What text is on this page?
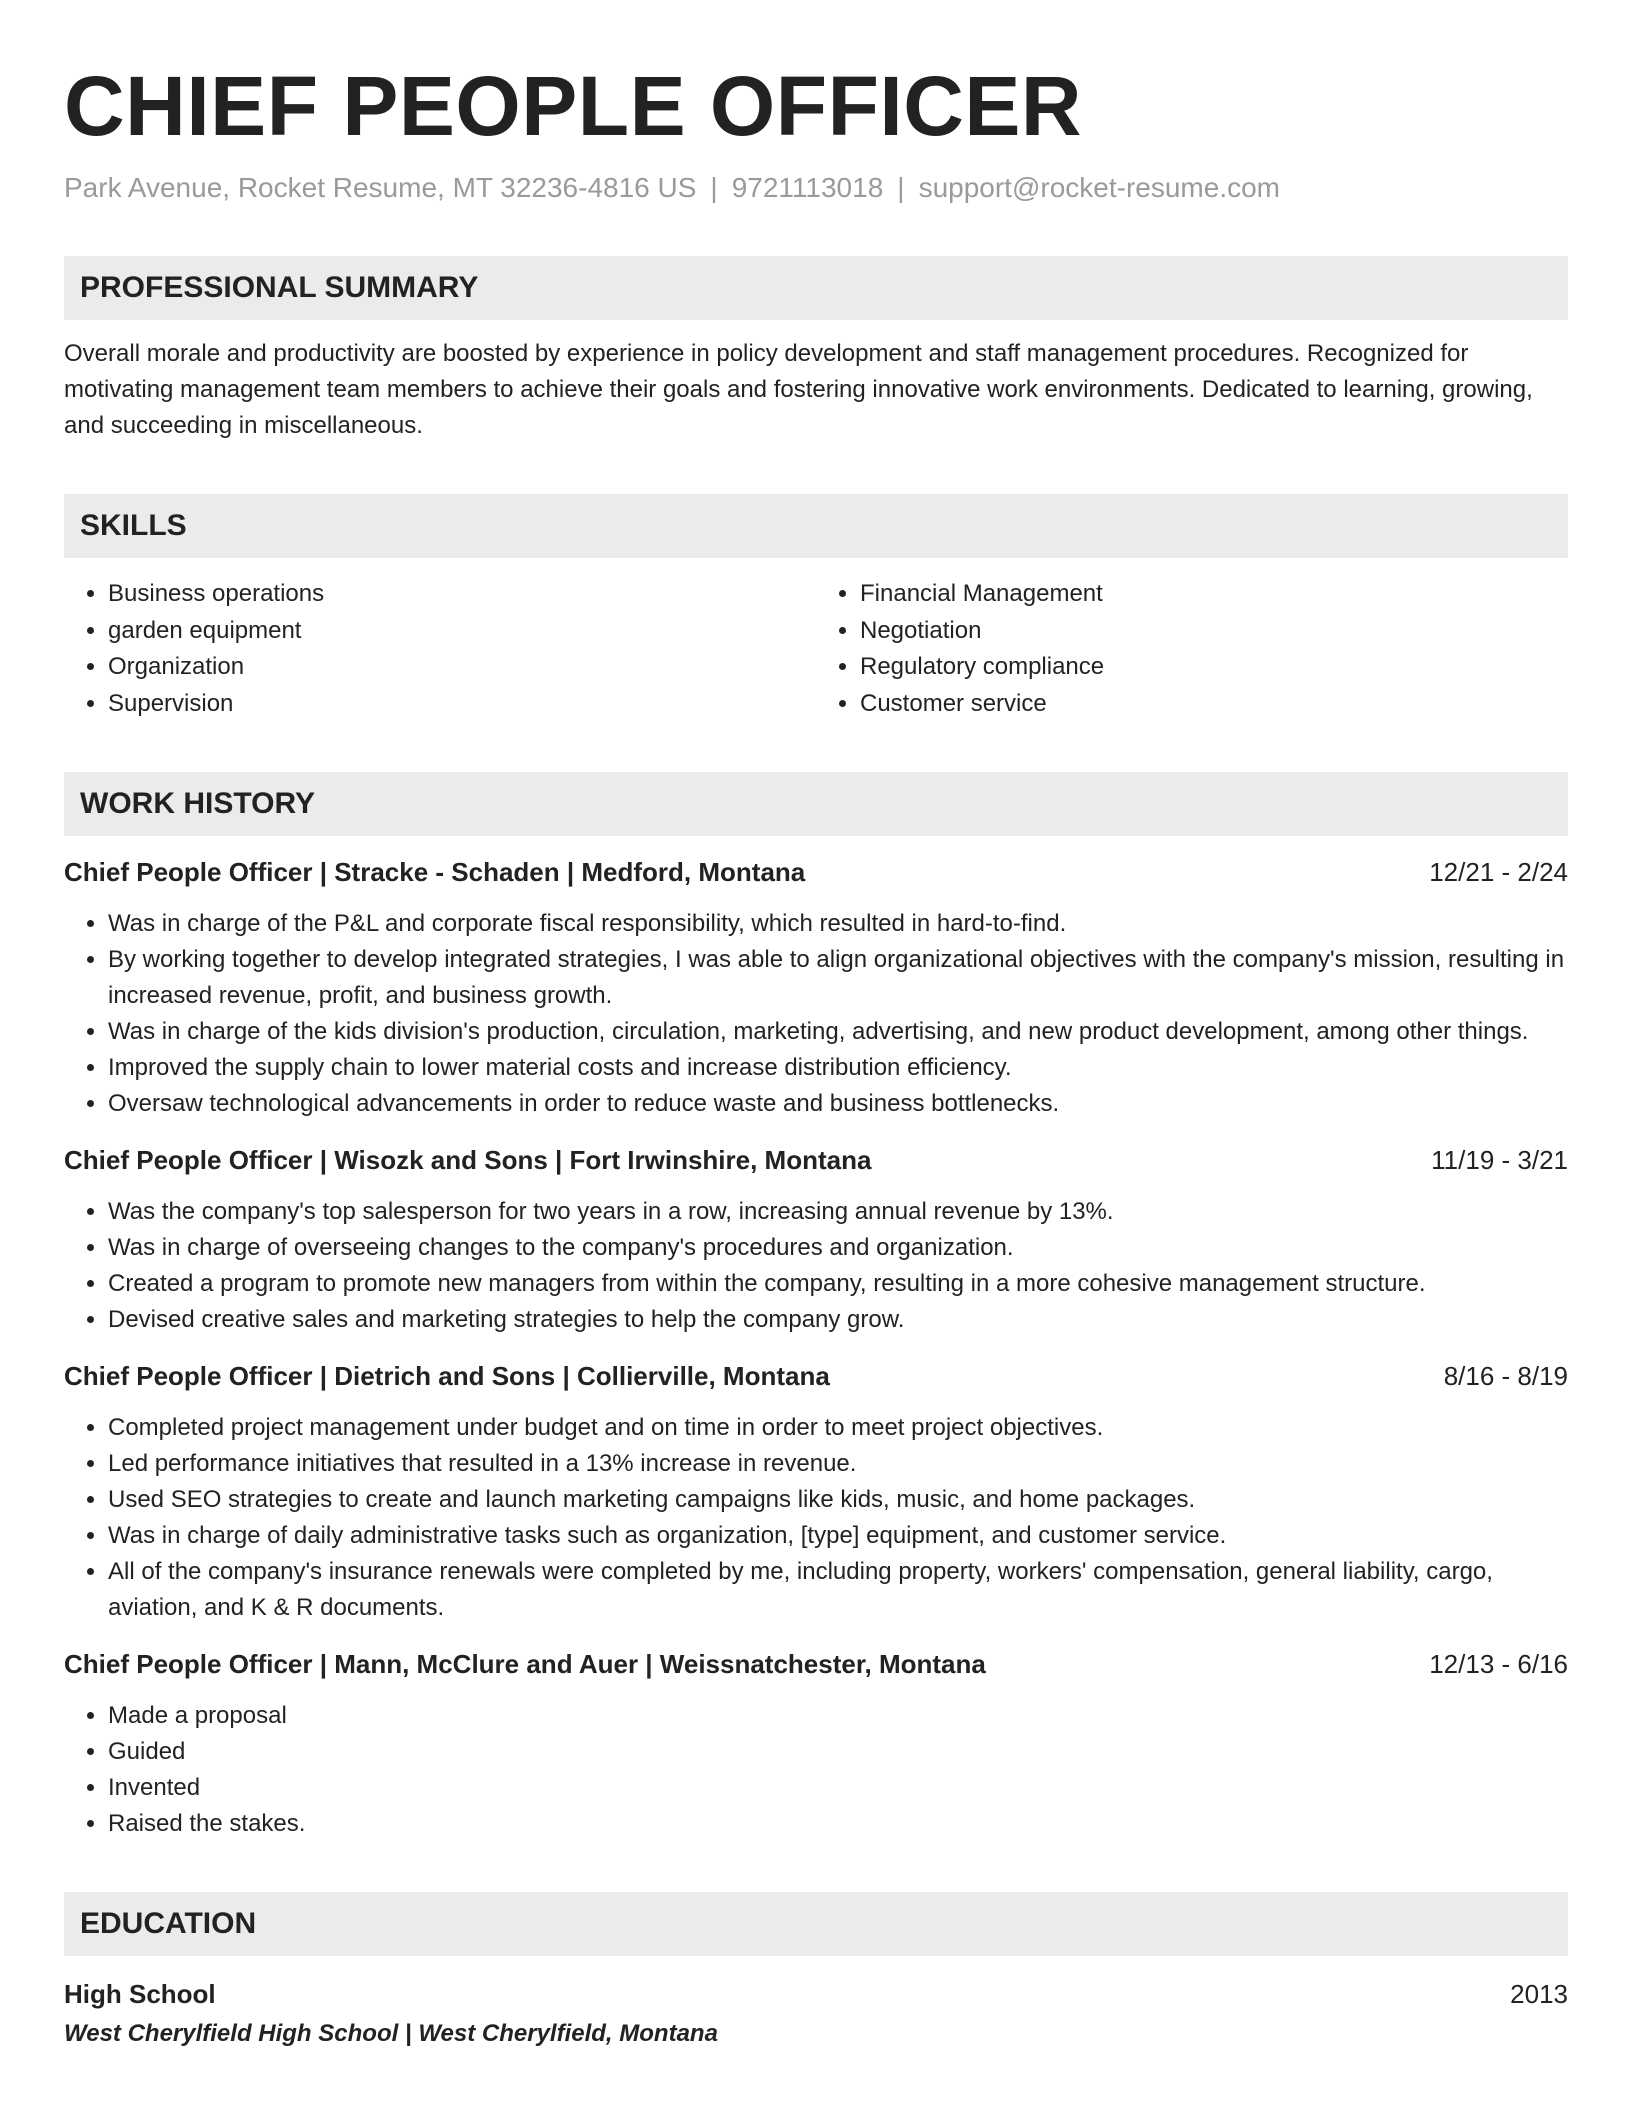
CHIEF PEOPLE OFFICER
Park Avenue, Rocket Resume, MT 32236-4816 US | 9721113018 | support@rocket-resume.com
PROFESSIONAL SUMMARY
Overall morale and productivity are boosted by experience in policy development and staff management procedures. Recognized for motivating management team members to achieve their goals and fostering innovative work environments. Dedicated to learning, growing, and succeeding in miscellaneous.
SKILLS
• Business operations
• garden equipment
• Organization
• Supervision
• Financial Management
• Negotiation
• Regulatory compliance
• Customer service
WORK HISTORY
Chief People Officer | Stracke - Schaden | Medford, Montana	12/21 - 2/24
• Was in charge of the P&L and corporate fiscal responsibility, which resulted in hard-to-find.
• By working together to develop integrated strategies, I was able to align organizational objectives with the company's mission, resulting in increased revenue, profit, and business growth.
• Was in charge of the kids division's production, circulation, marketing, advertising, and new product development, among other things.
• Improved the supply chain to lower material costs and increase distribution efficiency.
• Oversaw technological advancements in order to reduce waste and business bottlenecks.
Chief People Officer | Wisozk and Sons | Fort Irwinshire, Montana	11/19 - 3/21
• Was the company's top salesperson for two years in a row, increasing annual revenue by 13%.
• Was in charge of overseeing changes to the company's procedures and organization.
• Created a program to promote new managers from within the company, resulting in a more cohesive management structure.
• Devised creative sales and marketing strategies to help the company grow.
Chief People Officer | Dietrich and Sons | Collierville, Montana	8/16 - 8/19
• Completed project management under budget and on time in order to meet project objectives.
• Led performance initiatives that resulted in a 13% increase in revenue.
• Used SEO strategies to create and launch marketing campaigns like kids, music, and home packages.
• Was in charge of daily administrative tasks such as organization, [type] equipment, and customer service.
• All of the company's insurance renewals were completed by me, including property, workers' compensation, general liability, cargo, aviation, and K & R documents.
Chief People Officer | Mann, McClure and Auer | Weissnatchester, Montana	12/13 - 6/16
• Made a proposal
• Guided
• Invented
• Raised the stakes.
EDUCATION
High School	2013
West Cherylfield High School | West Cherylfield, Montana
